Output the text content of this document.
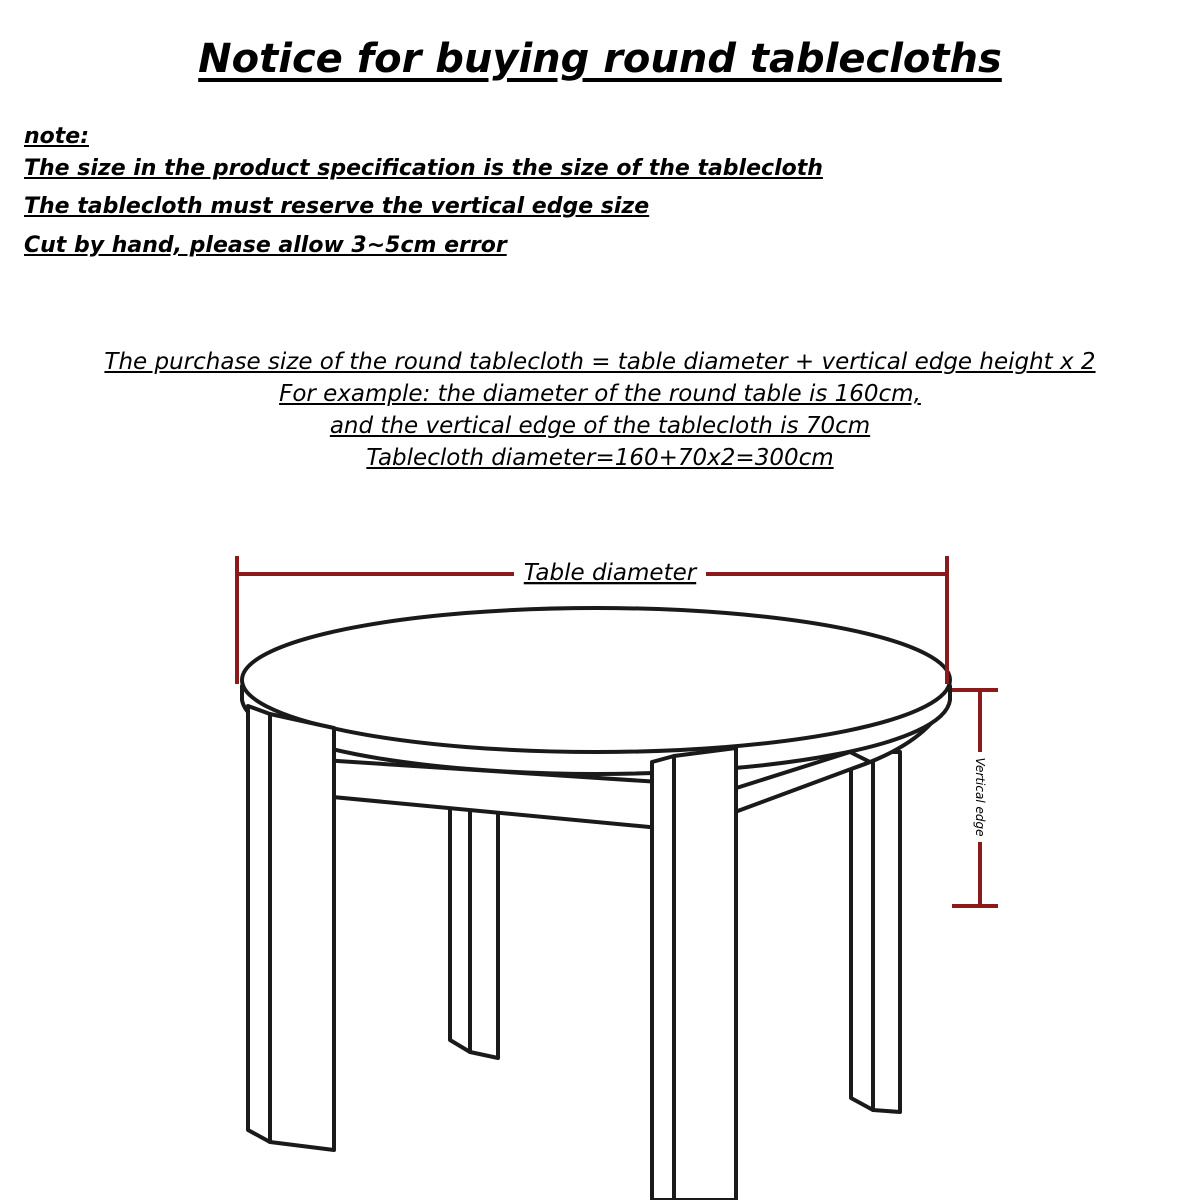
Notice for buying round tablecloths
note:
The size in the product specification is the size of the tablecloth
The tablecloth must reserve the vertical edge size
Cut by hand, please allow 3~5cm error
The purchase size of the round tablecloth = table diameter + vertical edge height x 2
For example: the diameter of the round table is 160cm,
and the vertical edge of the tablecloth is 70cm
Tablecloth diameter=160+70x2=300cm
Table diameter
Vertical edge
